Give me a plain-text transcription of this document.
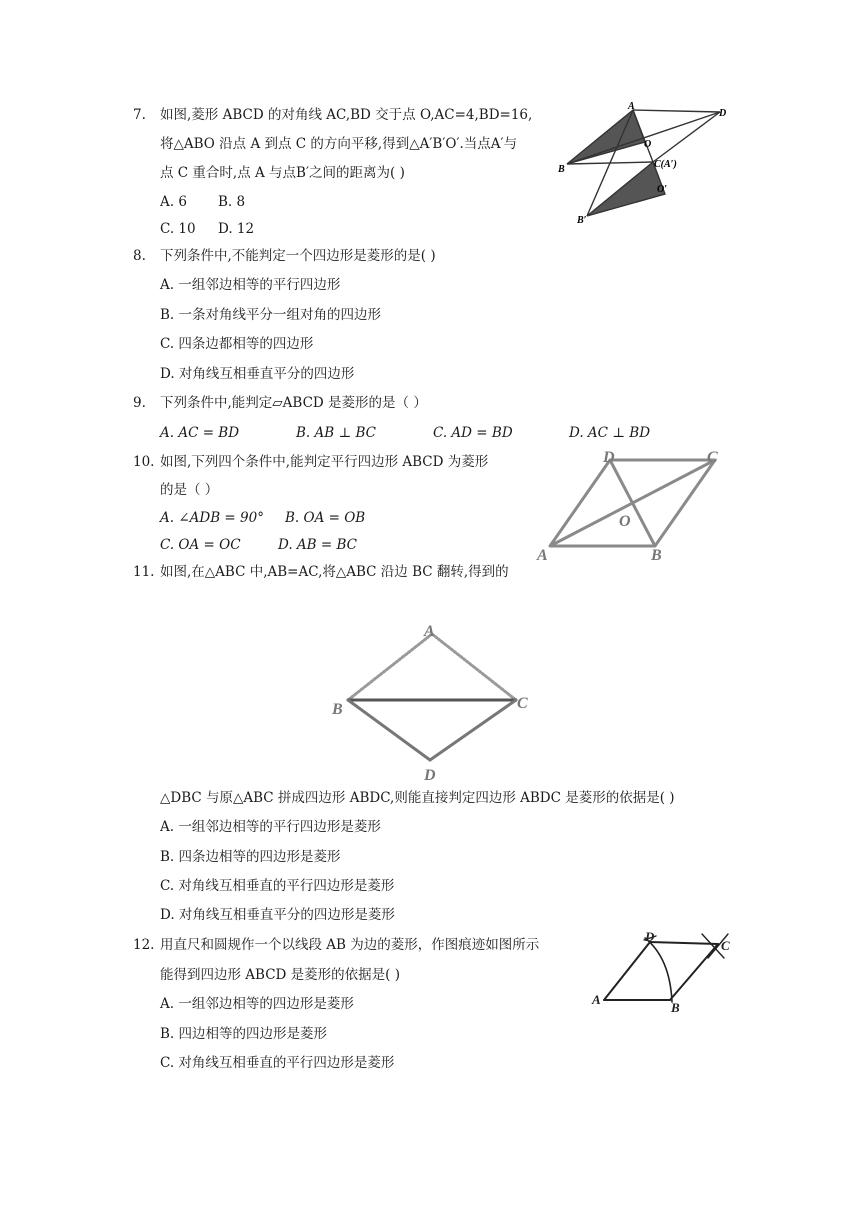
7. 如图,菱形 ABCD 的对角线 AC,BD 交于点 O,AC=4,BD=16,
将△ABO 沿点 A 到点 C 的方向平移,得到△A′B′O′.当点A′与
点 C 重合时,点 A 与点B′之间的距离为( )
A. 6 B. 8
C. 10 D. 12
A
D
O
B	C(A′)
O′
B′
8. 下列条件中,不能判定一个四边形是菱形的是( )
A. 一组邻边相等的平行四边形
B. 一条对角线平分一组对角的四边形
C. 四条边都相等的四边形
D. 对角线互相垂直平分的四边形
9. 下列条件中,能判定▱ABCD 是菱形的是（ ）
A. AC = BD	B. AB ⊥ BC	C. AD = BD	D. AC ⊥ BD
10. 如图,下列四个条件中,能判定平行四边形 ABCD 为菱形
的是（ ）
A. ∠ADB = 90° B. OA = OB
C. OA = OC	D. AB = BC
D	C
O
A	B
11. 如图,在△ABC 中,AB=AC,将△ABC 沿边 BC 翻转,得到的
A
B	C
D
△DBC 与原△ABC 拼成四边形 ABDC,则能直接判定四边形 ABDC 是菱形的依据是( )
A. 一组邻边相等的平行四边形是菱形
B. 四条边相等的四边形是菱形
C. 对角线互相垂直的平行四边形是菱形
D. 对角线互相垂直平分的四边形是菱形
12. 用直尺和圆规作一个以线段 AB 为边的菱形，作图痕迹如图所示
能得到四边形 ABCD 是菱形的依据是( )
A. 一组邻边相等的四边形是菱形
B. 四边相等的四边形是菱形
C. 对角线互相垂直的平行四边形是菱形
D
C
A
B
